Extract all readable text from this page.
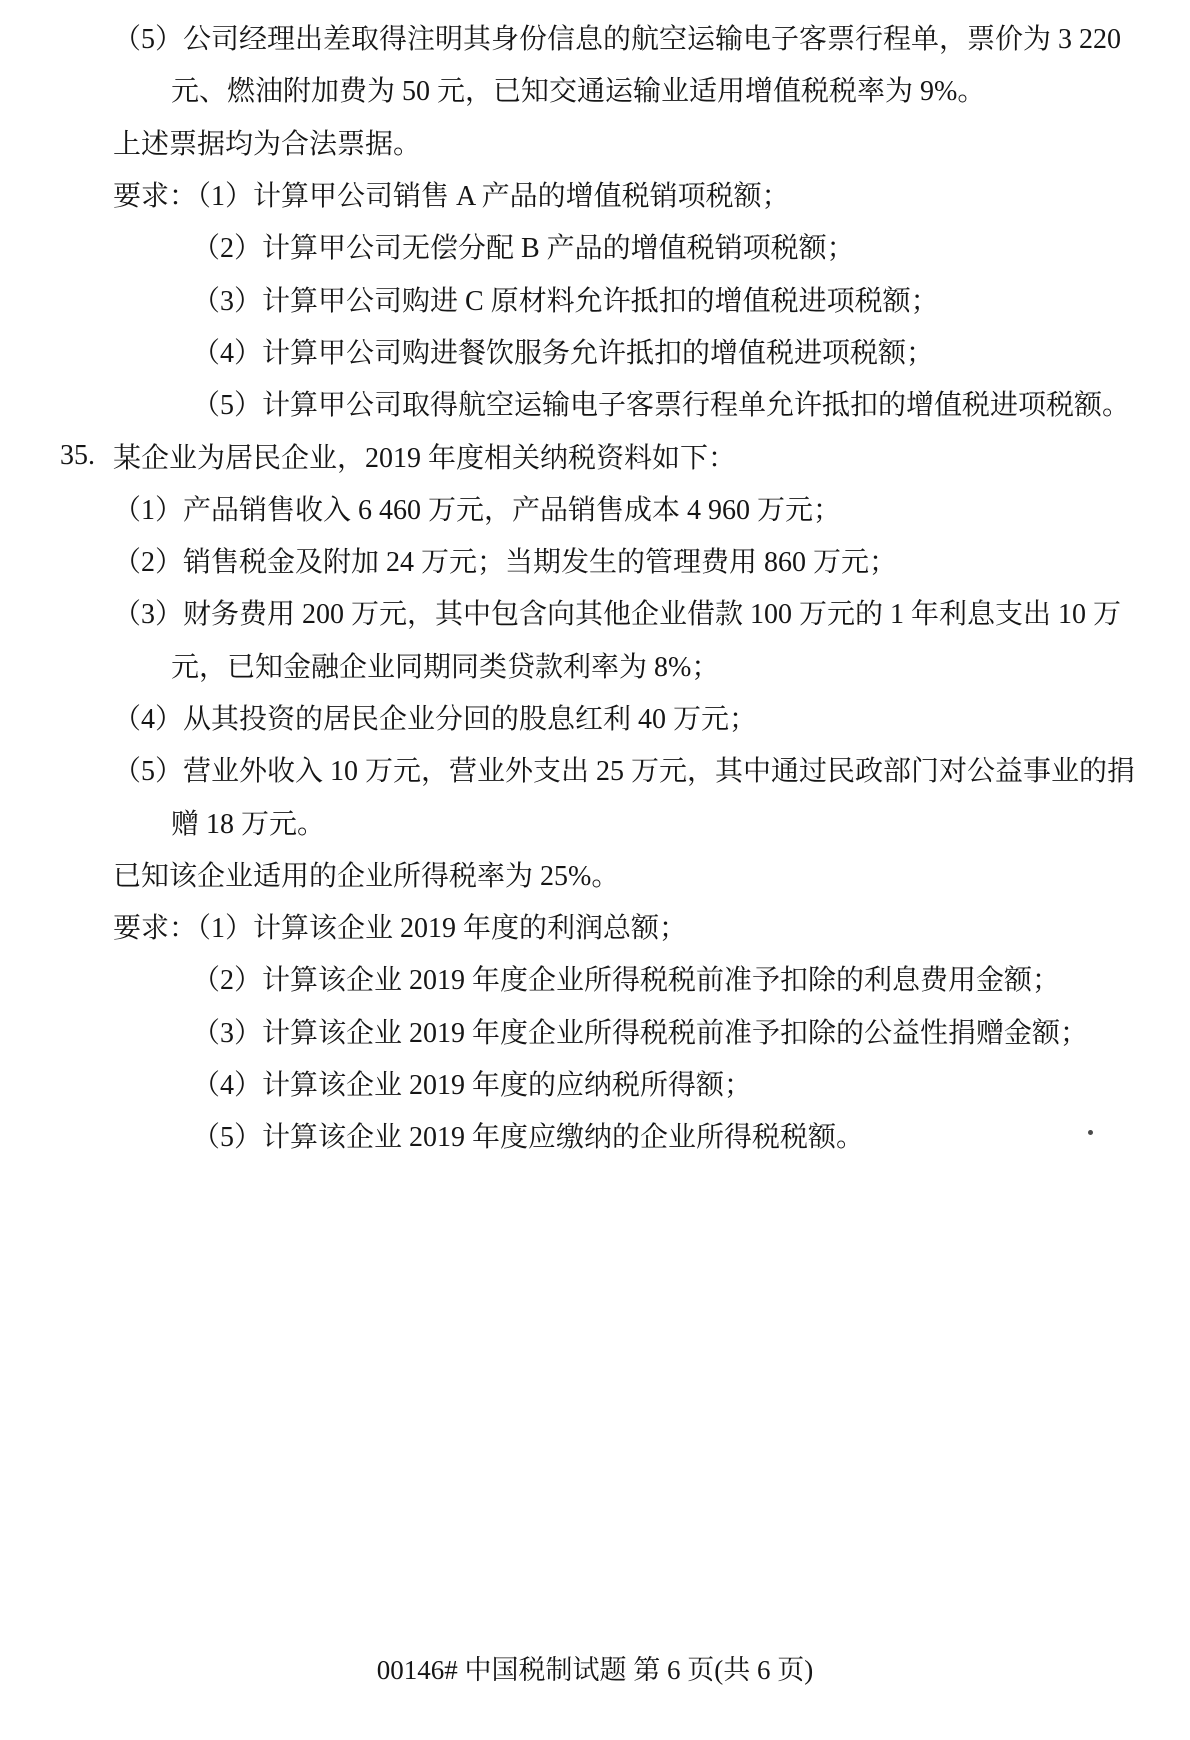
（5）公司经理出差取得注明其身份信息的航空运输电子客票行程单，票价为 3 220
元、燃油附加费为 50 元，已知交通运输业适用增值税税率为 9%。
上述票据均为合法票据。
要求：（1）计算甲公司销售 A 产品的增值税销项税额；
（2）计算甲公司无偿分配 B 产品的增值税销项税额；
（3）计算甲公司购进 C 原材料允许抵扣的增值税进项税额；
（4）计算甲公司购进餐饮服务允许抵扣的增值税进项税额；
（5）计算甲公司取得航空运输电子客票行程单允许抵扣的增值税进项税额。
35. 某企业为居民企业，2019 年度相关纳税资料如下：
（1）产品销售收入 6 460 万元，产品销售成本 4 960 万元；
（2）销售税金及附加 24 万元；当期发生的管理费用 860 万元；
（3）财务费用 200 万元，其中包含向其他企业借款 100 万元的 1 年利息支出 10 万
元，已知金融企业同期同类贷款利率为 8%；
（4）从其投资的居民企业分回的股息红利 40 万元；
（5）营业外收入 10 万元，营业外支出 25 万元，其中通过民政部门对公益事业的捐
赠 18 万元。
已知该企业适用的企业所得税率为 25%。
要求：（1）计算该企业 2019 年度的利润总额；
（2）计算该企业 2019 年度企业所得税税前准予扣除的利息费用金额；
（3）计算该企业 2019 年度企业所得税税前准予扣除的公益性捐赠金额；
（4）计算该企业 2019 年度的应纳税所得额；
（5）计算该企业 2019 年度应缴纳的企业所得税税额。
00146# 中国税制试题 第 6 页(共 6 页)
